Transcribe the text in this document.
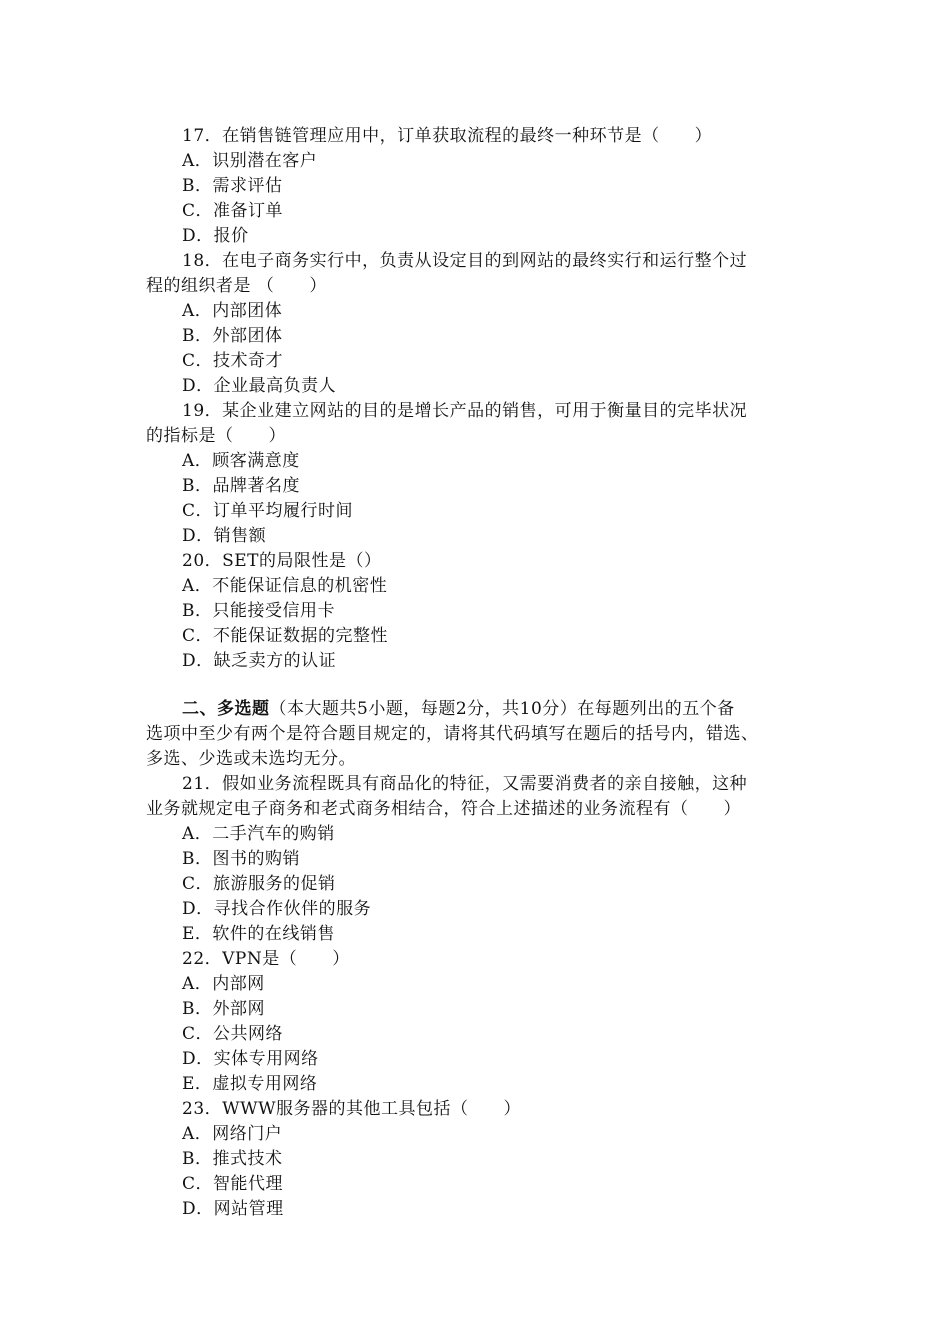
17．在销售链管理应用中，订单获取流程的最终一种环节是（　　）
A．识别潜在客户
B．需求评估
C．准备订单
D．报价
18．在电子商务实行中，负责从设定目的到网站的最终实行和运行整个过
程的组织者是 （　　）
A．内部团体
B．外部团体
C．技术奇才
D．企业最高负责人
19．某企业建立网站的目的是增长产品的销售，可用于衡量目的完毕状况
的指标是（　　）
A．顾客满意度
B．品牌著名度
C．订单平均履行时间
D．销售额
20．SET的局限性是（）
A．不能保证信息的机密性
B．只能接受信用卡
C．不能保证数据的完整性
D．缺乏卖方的认证
二、多选题（本大题共5小题，每题2分，共10分）在每题列出的五个备
选项中至少有两个是符合题目规定的，请将其代码填写在题后的括号内，错选、
多选、少选或未选均无分。
21．假如业务流程既具有商品化的特征，又需要消费者的亲自接触，这种
业务就规定电子商务和老式商务相结合，符合上述描述的业务流程有（　　）
A．二手汽车的购销
B．图书的购销
C．旅游服务的促销
D．寻找合作伙伴的服务
E．软件的在线销售
22．VPN是（　　）
A．内部网
B．外部网
C．公共网络
D．实体专用网络
E．虚拟专用网络
23．WWW服务器的其他工具包括（　　）
A．网络门户
B．推式技术
C．智能代理
D．网站管理
